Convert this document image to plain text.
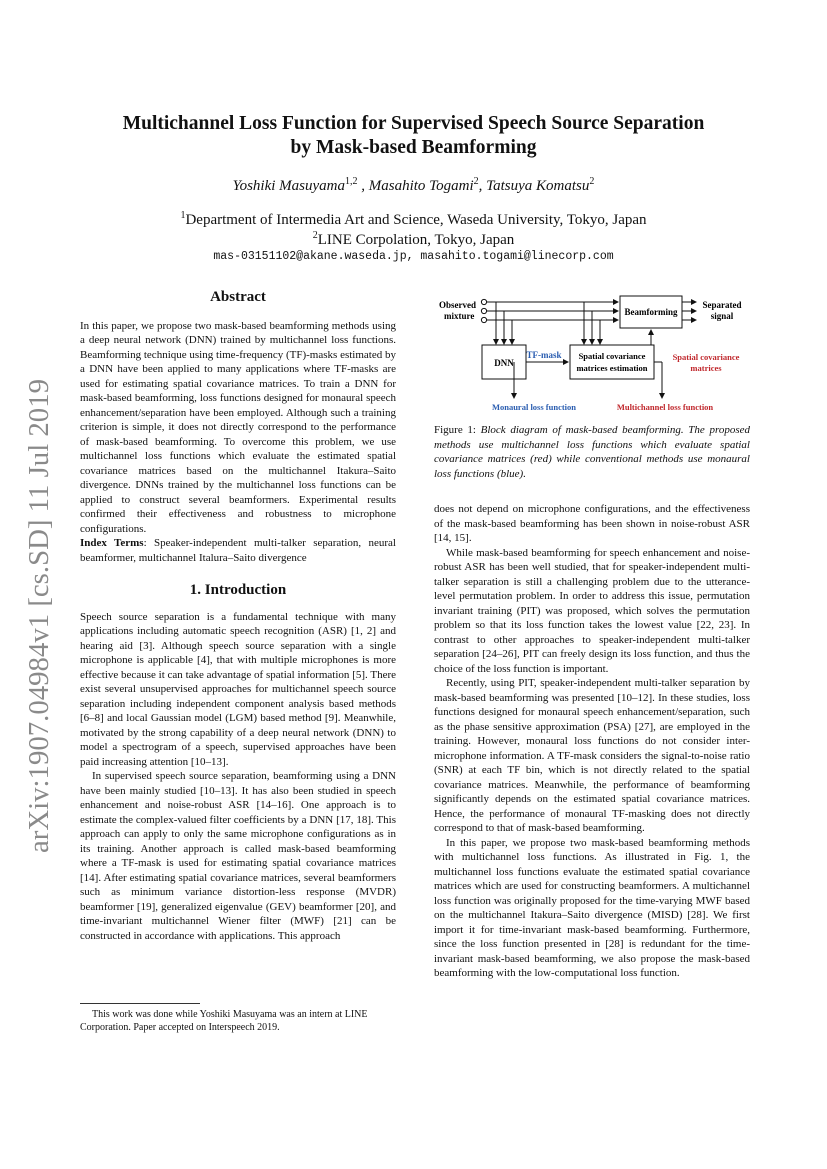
arXiv:1907.04984v1 [cs.SD] 11 Jul 2019
Multichannel Loss Function for Supervised Speech Source Separation
by Mask-based Beamforming
Yoshiki Masuyama$^{1,2}$ , Masahito Togami$^2$, Tatsuya Komatsu$^2$
$^1$Department of Intermedia Art and Science, Waseda University, Tokyo, Japan
$^2$LINE Corpolation, Tokyo, Japan
mas-03151102@akane.waseda.jp, masahito.togami@linecorp.com
Abstract

In this paper, we propose two mask-based beamforming methods using a deep neural network (DNN) trained by multichannel loss functions. Beamforming technique using time-frequency (TF)-masks estimated by a DNN have been applied to many applications where TF-masks are used for estimating spatial covariance matrices. To train a DNN for mask-based beamforming, loss functions designed for monaural speech enhancement/separation have been employed. Although such a training criterion is simple, it does not directly correspond to the performance of mask-based beamforming. To overcome this problem, we use multichannel loss functions which evaluate the estimated spatial covariance matrices based on the multichannel Itakura–Saito divergence. DNNs trained by the multichannel loss functions can be applied to construct several beamformers. Experimental results confirmed their effectiveness and robustness to microphone configurations.

Index Terms: Speaker-independent multi-talker separation, neural beamformer, multichannel Italura–Saito divergence

1. Introduction

Speech source separation is a fundamental technique with many applications including automatic speech recognition (ASR) [1, 2] and hearing aid [3]. Although speech source separation with a single microphone is applicable [4], that with multiple microphones is more effective because it can take advantage of spatial information [5]. There exist several unsupervised approaches for multichannel speech source separation including independent component analysis based methods [6–8] and local Gaussian model (LGM) based method [9]. Meanwhile, motivated by the strong capability of a deep neural network (DNN) to model a spectrogram of a speech, supervised approaches have been paid increasing attention [10–13].

In supervised speech source separation, beamforming using a DNN have been mainly studied [10–13]. It has also been studied in speech enhancement and noise-robust ASR [14–16]. One approach is to estimate the complex-valued filter coefficients by a DNN [17, 18]. This approach can apply to only the same microphone configurations as in its training. Another approach is called mask-based beamforming where a TF-mask is used for estimating spatial covariance matrices [14]. After estimating spatial covariance matrices, several beamformers such as minimum variance distortion-less response (MVDR) beamformer [19], generalized eigenvalue (GEV) beamformer [20], and time-invariant multichannel Wiener filter (MWF) [21] can be constructed in accordance with applications. This approach

This work was done while Yoshiki Masuyama was an intern at LINE Corporation. Paper accepted on Interspeech 2019.

Observed
mixture	Beamforming
Separated
signal
DNN
TF-mask Spatial covariance
matrices estimation
Spatial covariance
matrices
Monaural loss function	Multichannel loss function
Figure 1: Block diagram of mask-based beamforming. The proposed methods use multichannel loss functions which evaluate spatial covariance matrices (red) while conventional methods use monaural loss functions (blue).

does not depend on microphone configurations, and the effectiveness of the mask-based beamforming has been shown in noise-robust ASR [14, 15].

While mask-based beamforming for speech enhancement and noise-robust ASR has been well studied, that for speaker-independent multi-talker separation is still a challenging problem due to the utterance-level permutation problem. In order to address this issue, permutation invariant training (PIT) was proposed, which solves the permutation problem so that its loss function takes the lowest value [22, 23]. In contrast to other approaches to speaker-independent multi-talker separation [24–26], PIT can freely design its loss function, and thus the choice of the loss function is important.

Recently, using PIT, speaker-independent multi-talker separation by mask-based beamforming was presented [10–12]. In these studies, loss functions designed for monaural speech enhancement/separation, such as the phase sensitive approximation (PSA) [27], are employed in the training. However, monaural loss functions do not consider inter-microphone information. A TF-mask considers the signal-to-noise ratio (SNR) at each TF bin, which is not directly related to the spatial covariance matrices. Meanwhile, the performance of beamforming significantly depends on the estimated spatial covariance matrices. Hence, the performance of monaural TF-masking does not directly correspond to that of mask-based beamforming.

In this paper, we propose two mask-based beamforming methods with multichannel loss functions. As illustrated in Fig. 1, the multichannel loss functions evaluate the estimated spatial covariance matrices which are used for constructing beamformers. A multichannel loss function was originally proposed for the time-varying MWF based on the multichannel Itakura–Saito divergence (MISD) [28]. We first import it for time-invariant mask-based beamforming. Furthermore, since the loss function presented in [28] is redundant for the time-invariant mask-based beamforming, we also propose the mask-based beamforming with the low-computational loss function.
